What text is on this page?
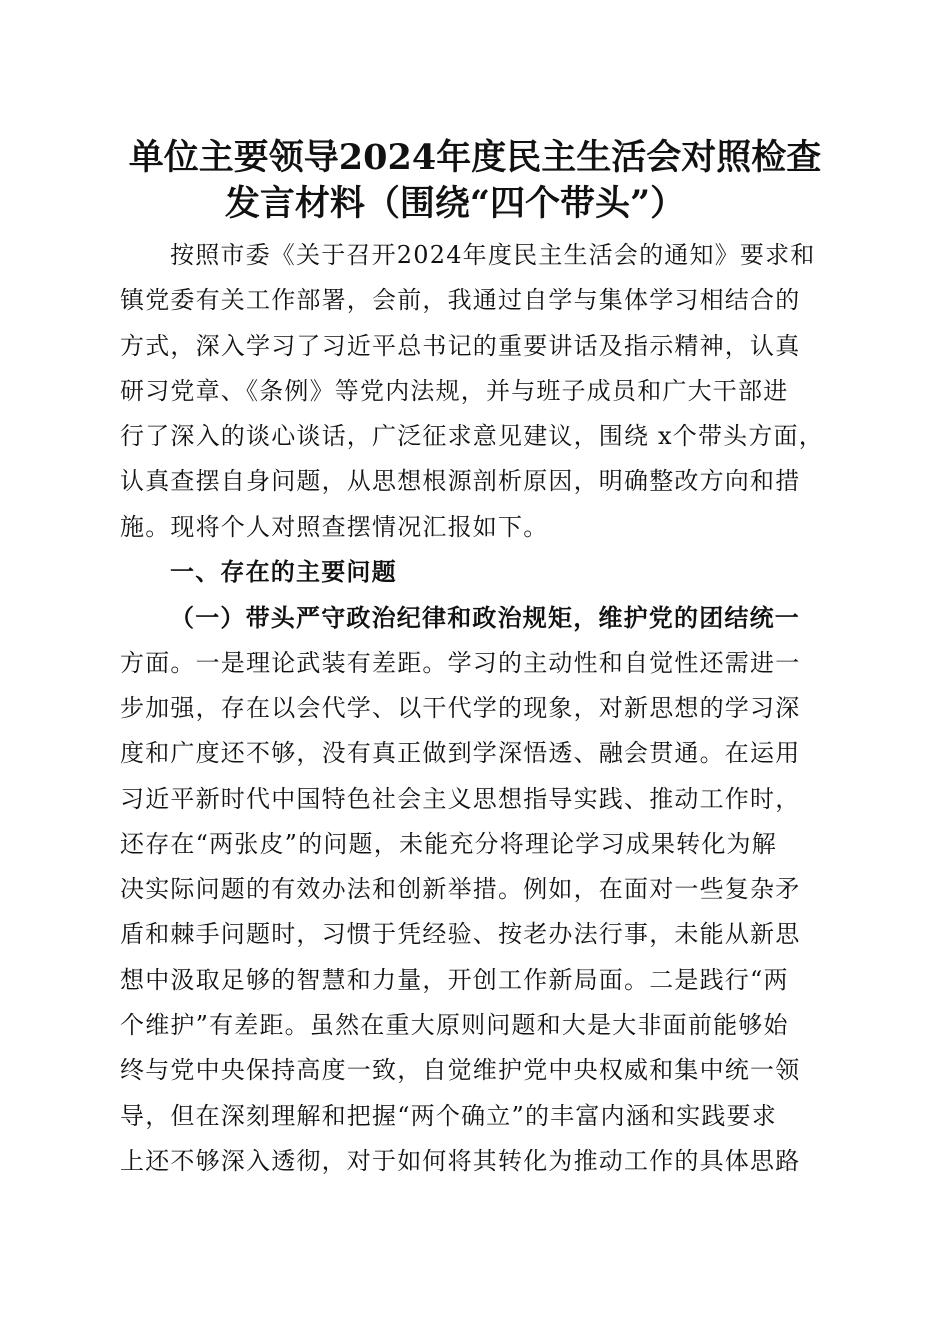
单位主要领导2024年度民主生活会对照检查
发言材料（围绕“四个带头”）
按照市委《关于召开2024年度民主生活会的通知》要求和
镇党委有关工作部署，会前，我通过自学与集体学习相结合的
方式，深入学习了习近平总书记的重要讲话及指示精神，认真
研习党章、《条例》等党内法规，并与班子成员和广大干部进
行了深入的谈心谈话，广泛征求意见建议，围绕 x个带头方面，
认真查摆自身问题，从思想根源剖析原因，明确整改方向和措
施。现将个人对照查摆情况汇报如下。
一、存在的主要问题
（一）带头严守政治纪律和政治规矩，维护党的团结统一
方面。一是理论武装有差距。学习的主动性和自觉性还需进一
步加强，存在以会代学、以干代学的现象，对新思想的学习深
度和广度还不够，没有真正做到学深悟透、融会贯通。在运用
习近平新时代中国特色社会主义思想指导实践、推动工作时，
还存在“两张皮”的问题，未能充分将理论学习成果转化为解
决实际问题的有效办法和创新举措。例如，在面对一些复杂矛
盾和棘手问题时，习惯于凭经验、按老办法行事，未能从新思
想中汲取足够的智慧和力量，开创工作新局面。二是践行“两
个维护”有差距。虽然在重大原则问题和大是大非面前能够始
终与党中央保持高度一致，自觉维护党中央权威和集中统一领
导，但在深刻理解和把握“两个确立”的丰富内涵和实践要求
上还不够深入透彻，对于如何将其转化为推动工作的具体思路
